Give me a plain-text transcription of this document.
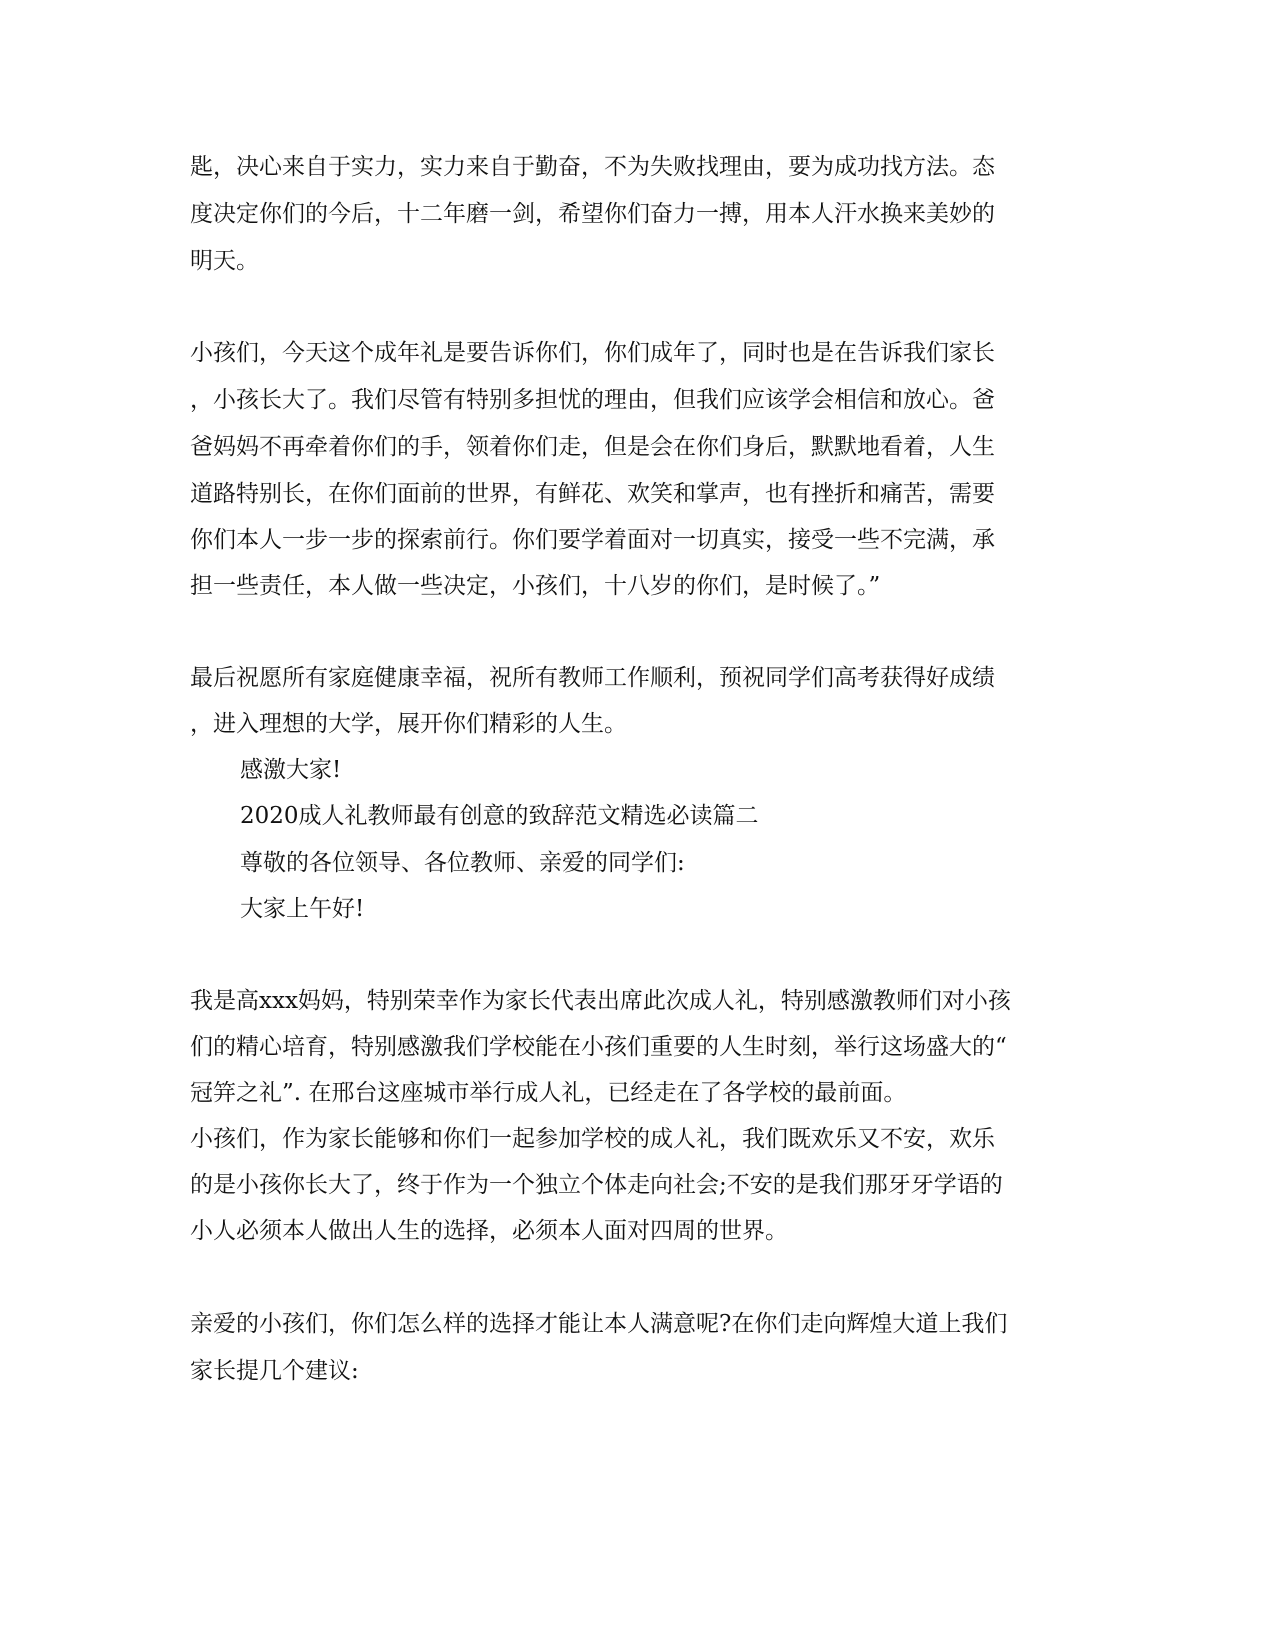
匙，决心来自于实力，实力来自于勤奋，不为失败找理由，要为成功找方法。态

度决定你们的今后，十二年磨一剑，希望你们奋力一搏，用本人汗水换来美妙的

明天。

小孩们，今天这个成年礼是要告诉你们，你们成年了，同时也是在告诉我们家长

，小孩长大了。我们尽管有特别多担忧的理由，但我们应该学会相信和放心。爸

爸妈妈不再牵着你们的手，领着你们走，但是会在你们身后，默默地看着，人生

道路特别长，在你们面前的世界，有鲜花、欢笑和掌声，也有挫折和痛苦，需要

你们本人一步一步的探索前行。你们要学着面对一切真实，接受一些不完满，承

担一些责任，本人做一些决定，小孩们，十八岁的你们，是时候了。”

最后祝愿所有家庭健康幸福，祝所有教师工作顺利，预祝同学们高考获得好成绩

，进入理想的大学，展开你们精彩的人生。

感激大家!

2020成人礼教师最有创意的致辞范文精选必读篇二

尊敬的各位领导、各位教师、亲爱的同学们:

大家上午好!

我是高xxx妈妈，特别荣幸作为家长代表出席此次成人礼，特别感激教师们对小孩

们的精心培育，特别感激我们学校能在小孩们重要的人生时刻，举行这场盛大的“

冠笄之礼”. 在邢台这座城市举行成人礼，已经走在了各学校的最前面。

小孩们，作为家长能够和你们一起参加学校的成人礼，我们既欢乐又不安，欢乐

的是小孩你长大了，终于作为一个独立个体走向社会;不安的是我们那牙牙学语的

小人必须本人做出人生的选择，必须本人面对四周的世界。

亲爱的小孩们，你们怎么样的选择才能让本人满意呢?在你们走向辉煌大道上我们

家长提几个建议:
